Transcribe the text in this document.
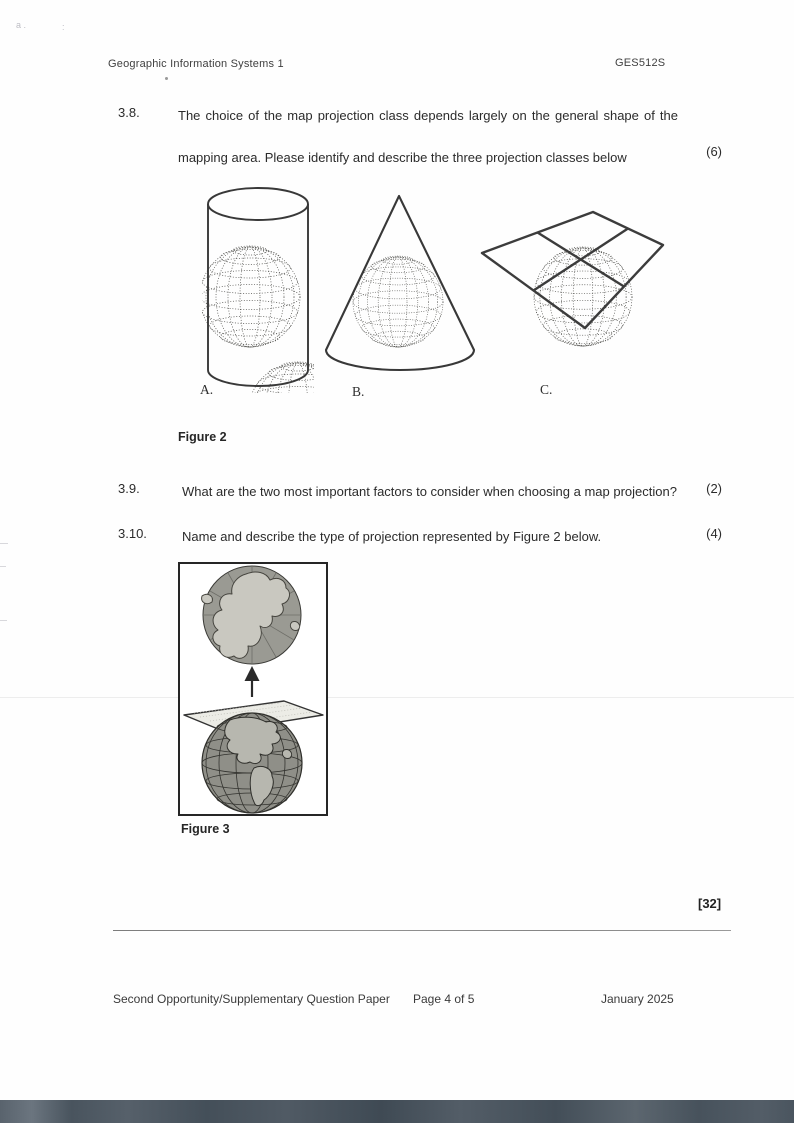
a .	:
Geographic Information Systems 1	GES512S
3.8.	The choice of the map projection class depends largely on the general shape of the
mapping area. Please identify and describe the three projection classes below	(6)
A.	B.	C.
Figure 2
3.9.	What are the two most important factors to consider when choosing a map projection?	(2)
3.10.	Name and describe the type of projection represented by Figure 2 below.	(4)
Figure 3
[32]
Second Opportunity/Supplementary Question Paper Page 4 of 5	January 2025
